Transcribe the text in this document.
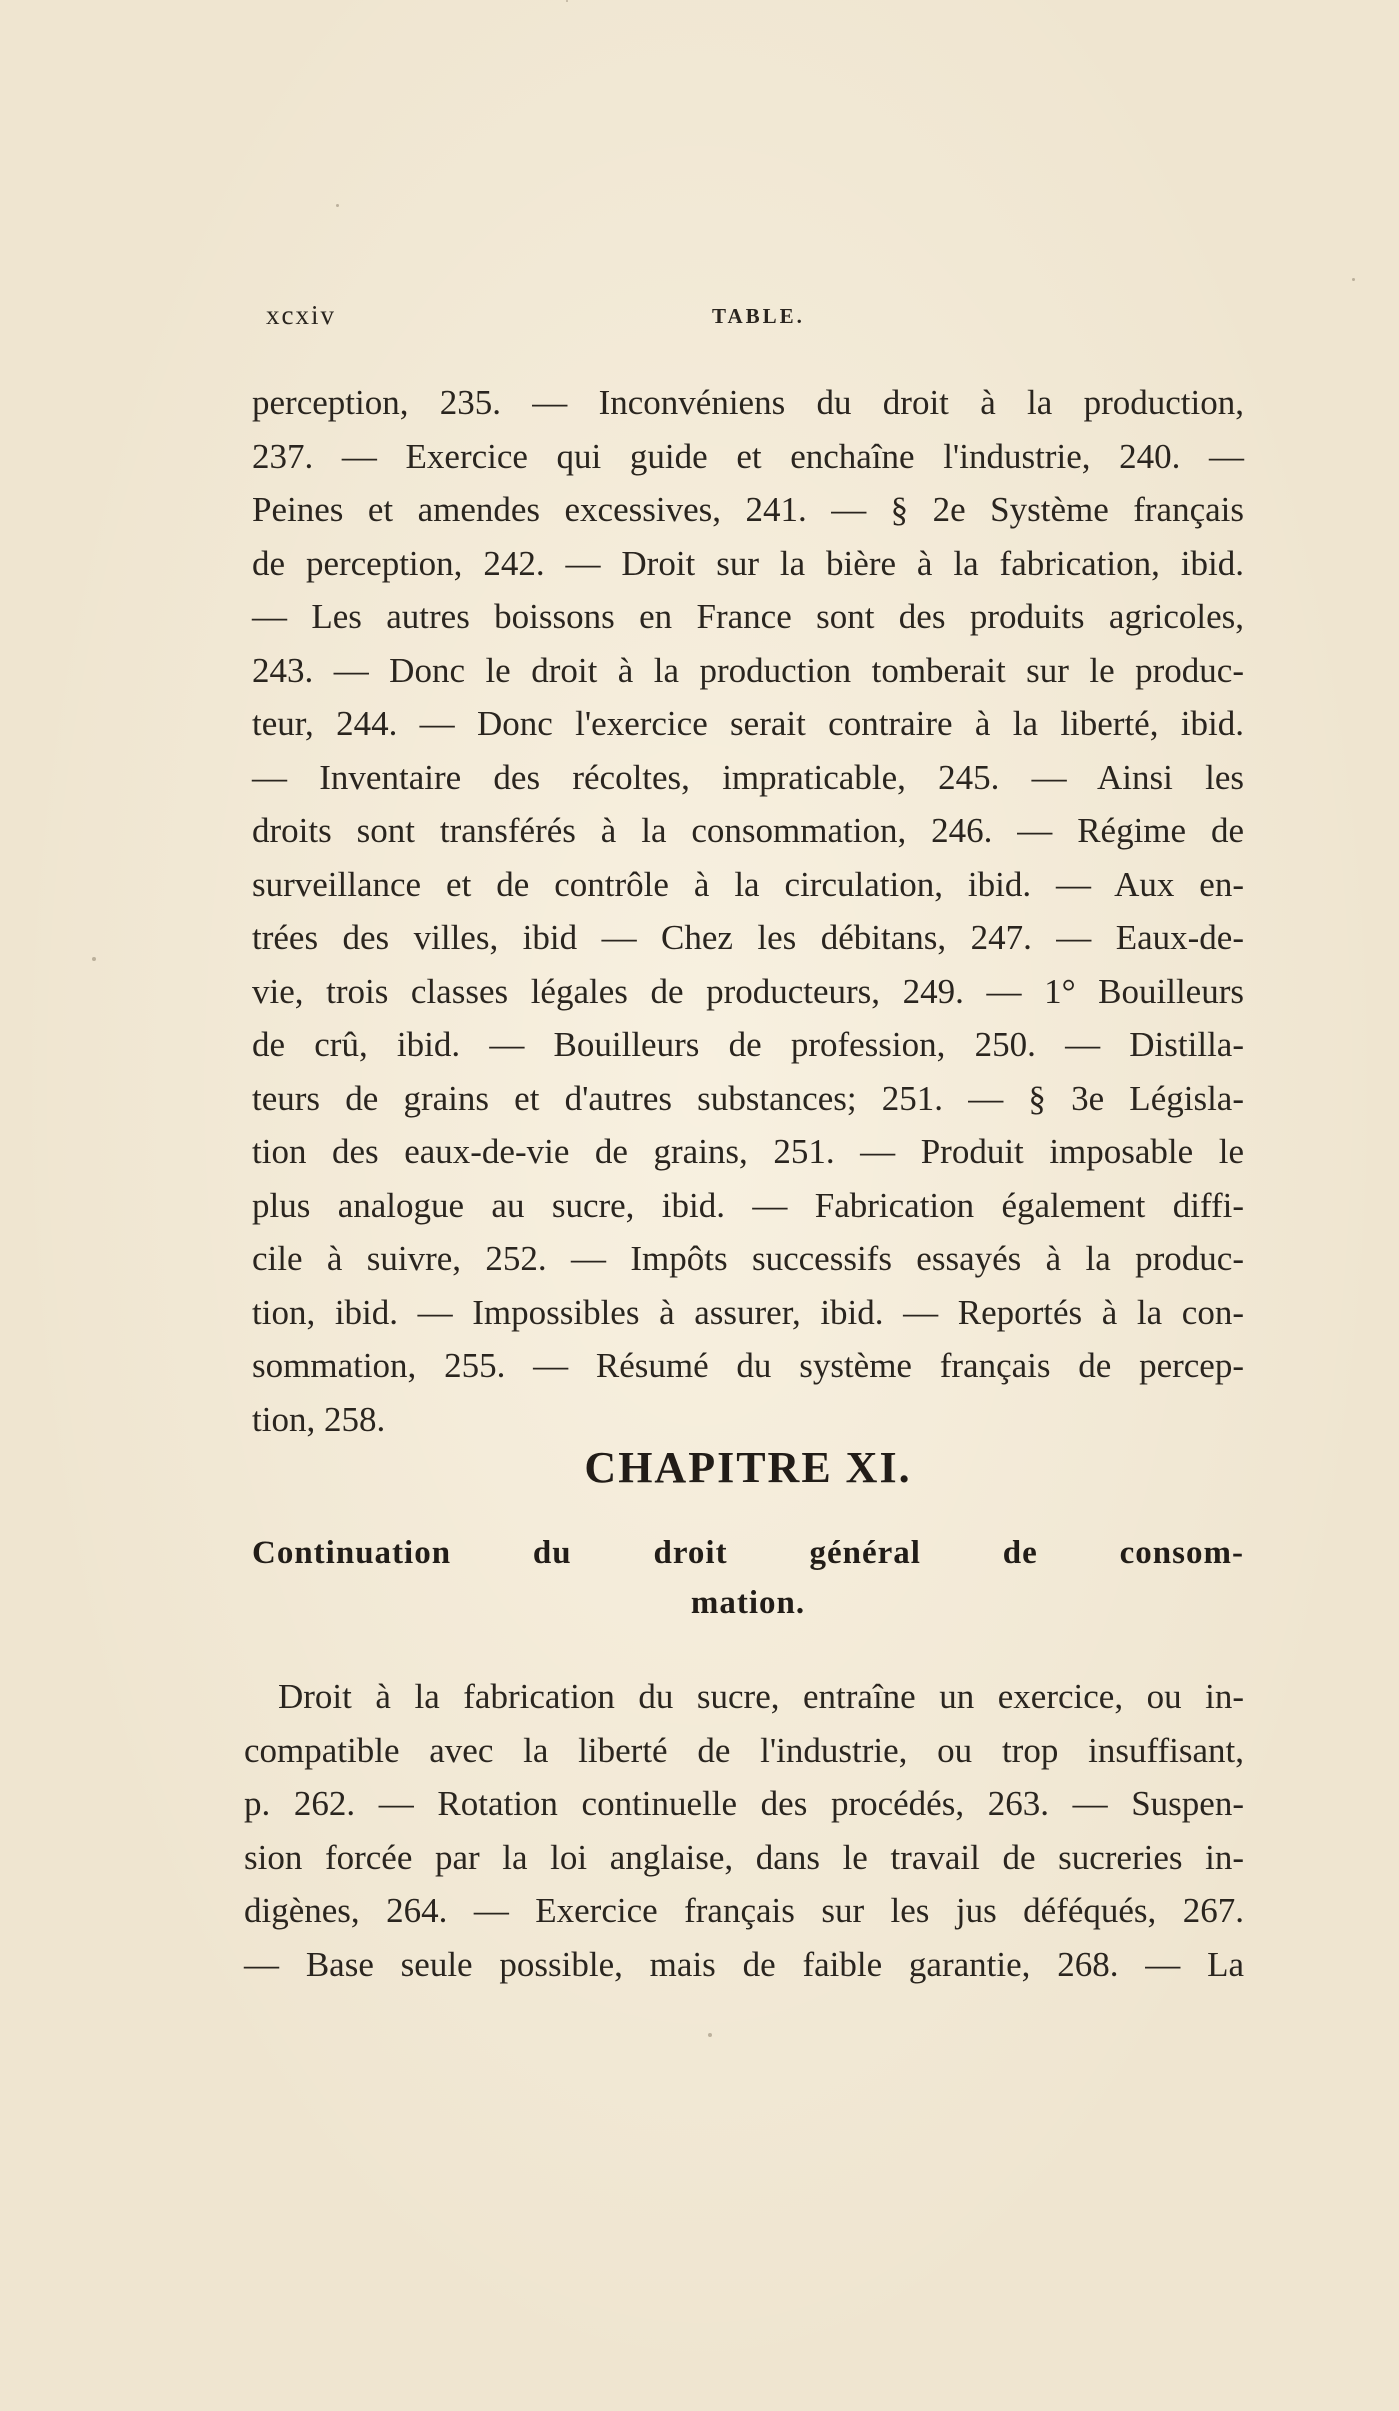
xcxiv	TABLE.
perception, 235. — Inconvéniens du droit à la production,
237. — Exercice qui guide et enchaîne l'industrie, 240. —
Peines et amendes excessives, 241. — § 2e Système français
de perception, 242. — Droit sur la bière à la fabrication, ibid.
— Les autres boissons en France sont des produits agricoles,
243. — Donc le droit à la production tomberait sur le produc-
teur, 244. — Donc l'exercice serait contraire à la liberté, ibid.
— Inventaire des récoltes, impraticable, 245. — Ainsi les
droits sont transférés à la consommation, 246. — Régime de
surveillance et de contrôle à la circulation, ibid. — Aux en-
trées des villes, ibid — Chez les débitans, 247. — Eaux-de-
vie, trois classes légales de producteurs, 249. — 1° Bouilleurs
de crû, ibid. — Bouilleurs de profession, 250. — Distilla-
teurs de grains et d'autres substances; 251. — § 3e Législa-
tion des eaux-de-vie de grains, 251. — Produit imposable le
plus analogue au sucre, ibid. — Fabrication également diffi-
cile à suivre, 252. — Impôts successifs essayés à la produc-
tion, ibid. — Impossibles à assurer, ibid. — Reportés à la con-
sommation, 255. — Résumé du système français de percep-
tion, 258.
CHAPITRE XI.
Continuation du droit général de consom-
mation.
Droit à la fabrication du sucre, entraîne un exercice, ou in-
compatible avec la liberté de l'industrie, ou trop insuffisant,
p. 262. — Rotation continuelle des procédés, 263. — Suspen-
sion forcée par la loi anglaise, dans le travail de sucreries in-
digènes, 264. — Exercice français sur les jus déféqués, 267.
— Base seule possible, mais de faible garantie, 268. — La
